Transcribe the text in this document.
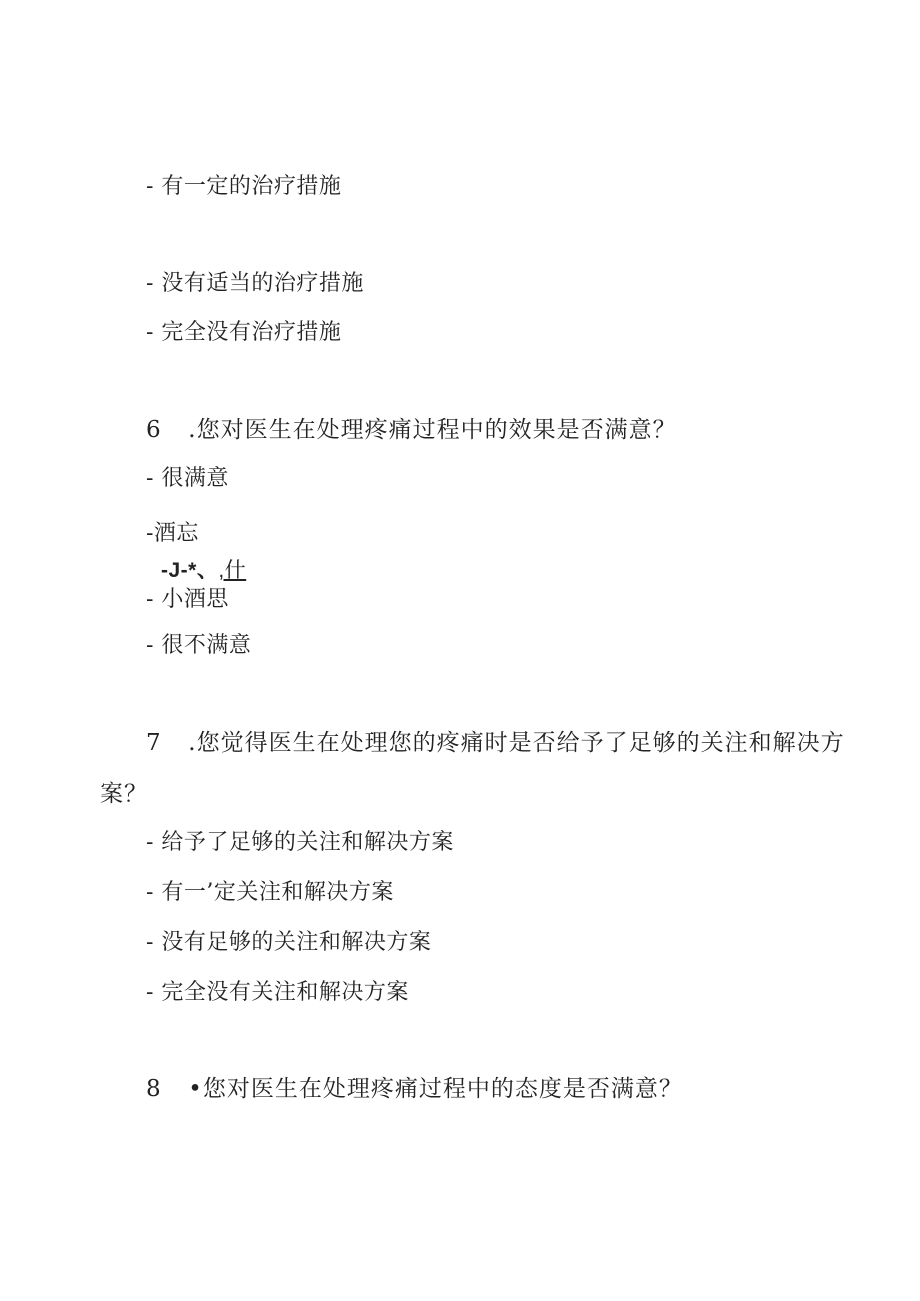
- 有一定的治疗措施
- 没有适当的治疗措施
- 完全没有治疗措施
6 .您对医生在处理疼痛过程中的效果是否满意？
- 很满意
-酒忘
-J-*、,什
- 小酒思
- 很不满意
7 .您觉得医生在处理您的疼痛时是否给予了足够的关注和解决方
案？
- 给予了足够的关注和解决方案
- 有一’定关注和解决方案
- 没有足够的关注和解决方案
- 完全没有关注和解决方案
8 •您对医生在处理疼痛过程中的态度是否满意？
